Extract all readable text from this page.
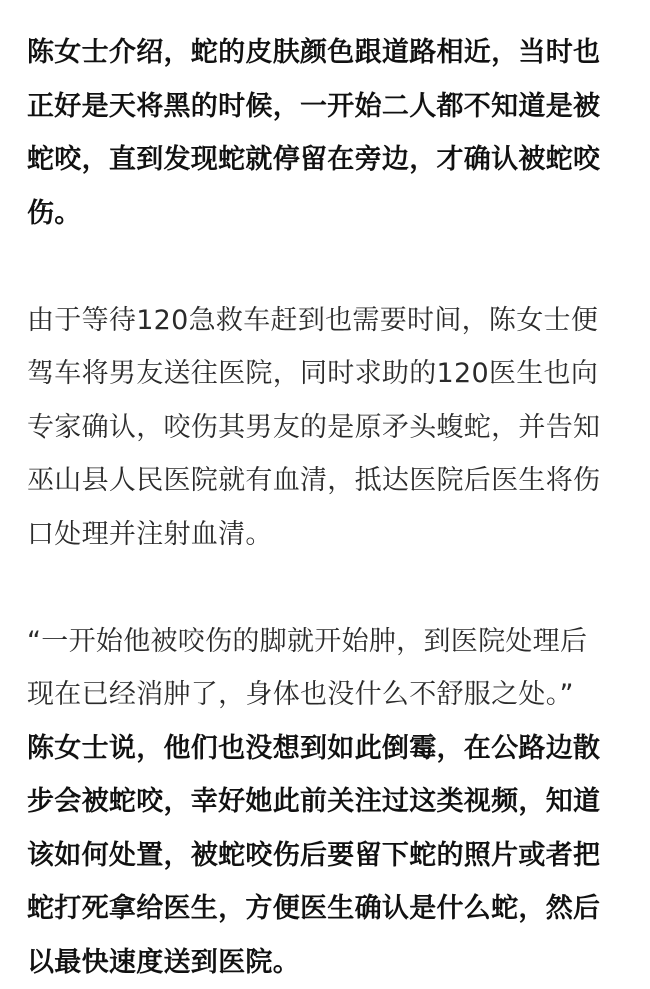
陈女士介绍，蛇的皮肤颜色跟道路相近，当时也
正好是天将黑的时候，一开始二人都不知道是被
蛇咬，直到发现蛇就停留在旁边，才确认被蛇咬
伤。

由于等待120急救车赶到也需要时间，陈女士便
驾车将男友送往医院，同时求助的120医生也向
专家确认，咬伤其男友的是原矛头蝮蛇，并告知
巫山县人民医院就有血清，抵达医院后医生将伤
口处理并注射血清。

“一开始他被咬伤的脚就开始肿，到医院处理后
现在已经消肿了，身体也没什么不舒服之处。”

陈女士说，他们也没想到如此倒霉，在公路边散
步会被蛇咬，幸好她此前关注过这类视频，知道
该如何处置，被蛇咬伤后要留下蛇的照片或者把
蛇打死拿给医生，方便医生确认是什么蛇，然后
以最快速度送到医院。
